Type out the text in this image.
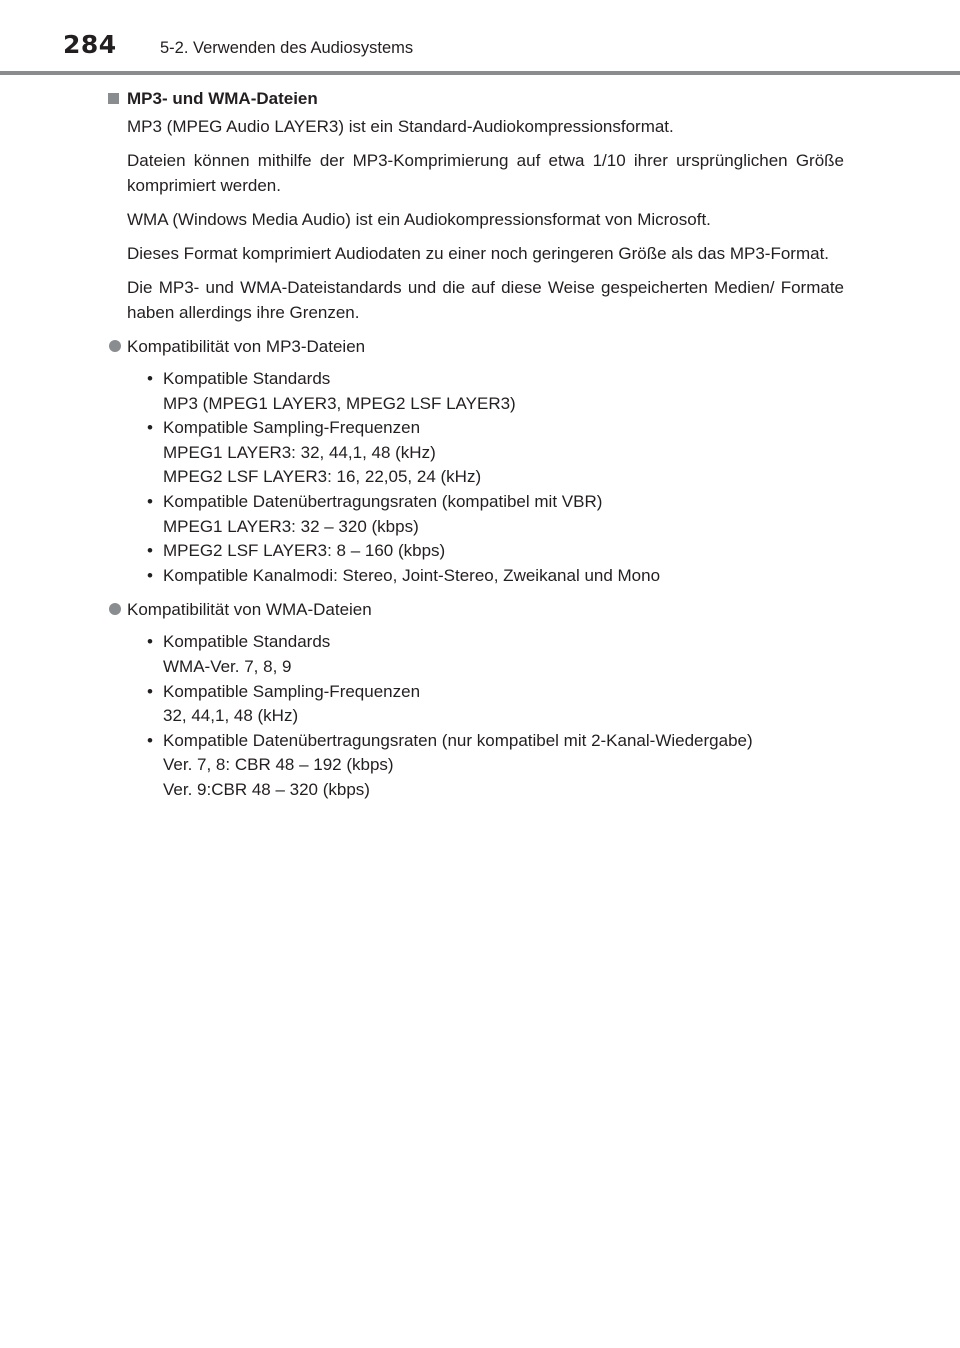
284	5-2. Verwenden des Audiosystems
MP3- und WMA-Dateien

MP3 (MPEG Audio LAYER3) ist ein Standard-Audiokompressionsformat.

Dateien können mithilfe der MP3-Komprimierung auf etwa 1/10 ihrer ursprünglichen Größe komprimiert werden.

WMA (Windows Media Audio) ist ein Audiokompressionsformat von Microsoft.

Dieses Format komprimiert Audiodaten zu einer noch geringeren Größe als das MP3-Format.

Die MP3- und WMA-Dateistandards und die auf diese Weise gespeicherten Medien/ Formate haben allerdings ihre Grenzen.

Kompatibilität von MP3-Dateien
• Kompatible Standards
MP3 (MPEG1 LAYER3, MPEG2 LSF LAYER3)
• Kompatible Sampling-Frequenzen
MPEG1 LAYER3: 32, 44,1, 48 (kHz)
MPEG2 LSF LAYER3: 16, 22,05, 24 (kHz)
• Kompatible Datenübertragungsraten (kompatibel mit VBR)
MPEG1 LAYER3: 32 – 320 (kbps)
• MPEG2 LSF LAYER3: 8 – 160 (kbps)
• Kompatible Kanalmodi: Stereo, Joint-Stereo, Zweikanal und Mono
Kompatibilität von WMA-Dateien
• Kompatible Standards
WMA-Ver. 7, 8, 9
• Kompatible Sampling-Frequenzen
32, 44,1, 48 (kHz)
• Kompatible Datenübertragungsraten (nur kompatibel mit 2-Kanal-Wiedergabe)
Ver. 7, 8: CBR 48 – 192 (kbps)
Ver. 9:CBR 48 – 320 (kbps)
